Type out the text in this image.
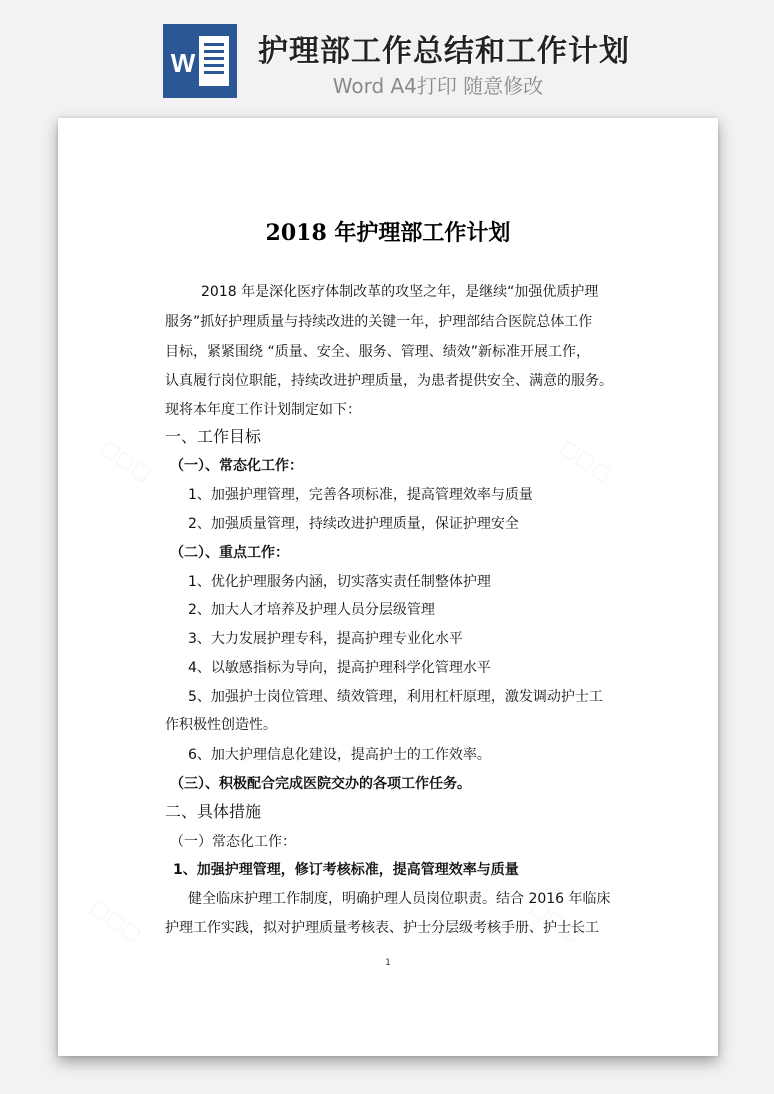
W 护理部工作总结和工作计划
Word A4打印 随意修改
2018 年护理部工作计划
2018 年是深化医疗体制改革的攻坚之年，是继续“加强优质护理
服务”抓好护理质量与持续改进的关键一年，护理部结合医院总体工作
目标，紧紧围绕 “质量、安全、服务、管理、绩效”新标准开展工作，
认真履行岗位职能，持续改进护理质量，为患者提供安全、满意的服务。
现将本年度工作计划制定如下：
一、工作目标
（一）、常态化工作：
1、加强护理管理，完善各项标准，提高管理效率与质量
2、加强质量管理，持续改进护理质量，保证护理安全
（二）、重点工作：
1、优化护理服务内涵，切实落实责任制整体护理
2、加大人才培养及护理人员分层级管理
3、大力发展护理专科，提高护理专业化水平
4、以敏感指标为导向，提高护理科学化管理水平
5、加强护士岗位管理、绩效管理，利用杠杆原理，激发调动护士工
作积极性创造性。
6、加大护理信息化建设，提高护士的工作效率。
（三）、积极配合完成医院交办的各项工作任务。
二、具体措施
（一）常态化工作：
1、加强护理管理，修订考核标准，提高管理效率与质量
健全临床护理工作制度，明确护理人员岗位职责。结合 2016 年临床
护理工作实践，拟对护理质量考核表、护士分层级考核手册、护士长工
1
